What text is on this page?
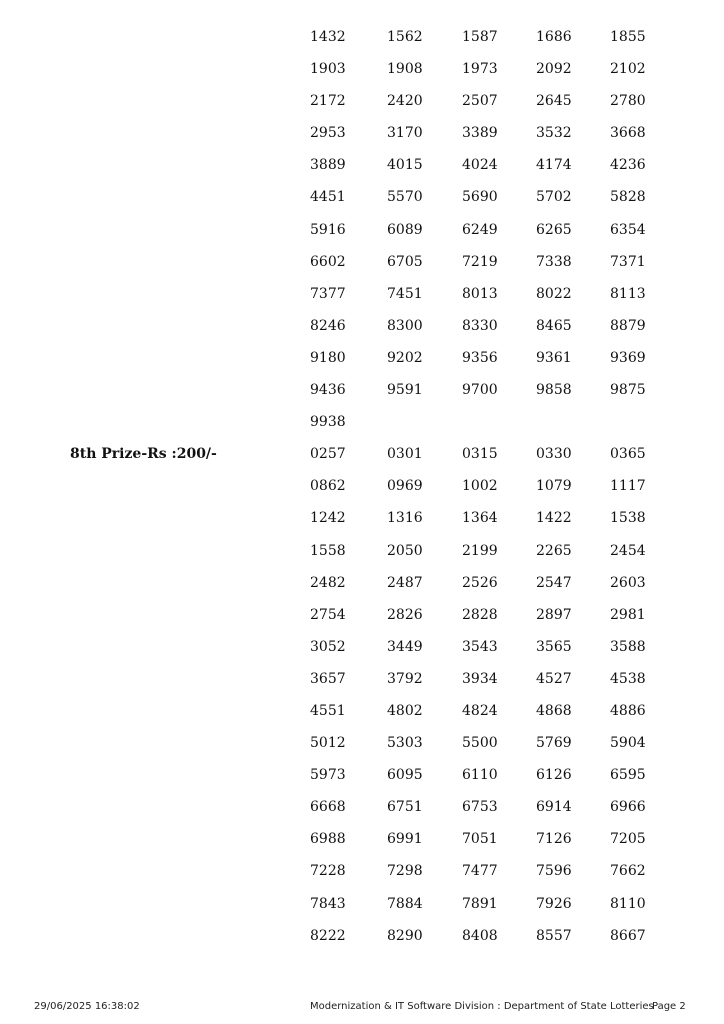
1432	1562	1587	1686	1855
1903	1908	1973	2092	2102
2172	2420	2507	2645	2780
2953	3170	3389	3532	3668
3889	4015	4024	4174	4236
4451	5570	5690	5702	5828
5916	6089	6249	6265	6354
6602	6705	7219	7338	7371
7377	7451	8013	8022	8113
8246	8300	8330	8465	8879
9180	9202	9356	9361	9369
9436	9591	9700	9858	9875
9938
8th Prize-Rs :200/-	0257	0301	0315	0330	0365
0862	0969	1002	1079	1117
1242	1316	1364	1422	1538
1558	2050	2199	2265	2454
2482	2487	2526	2547	2603
2754	2826	2828	2897	2981
3052	3449	3543	3565	3588
3657	3792	3934	4527	4538
4551	4802	4824	4868	4886
5012	5303	5500	5769	5904
5973	6095	6110	6126	6595
6668	6751	6753	6914	6966
6988	6991	7051	7126	7205
7228	7298	7477	7596	7662
7843	7884	7891	7926	8110
8222	8290	8408	8557	8667
29/06/2025 16:38:02	Modernization & IT Software Division : Department of State Lotteries
Page 2
